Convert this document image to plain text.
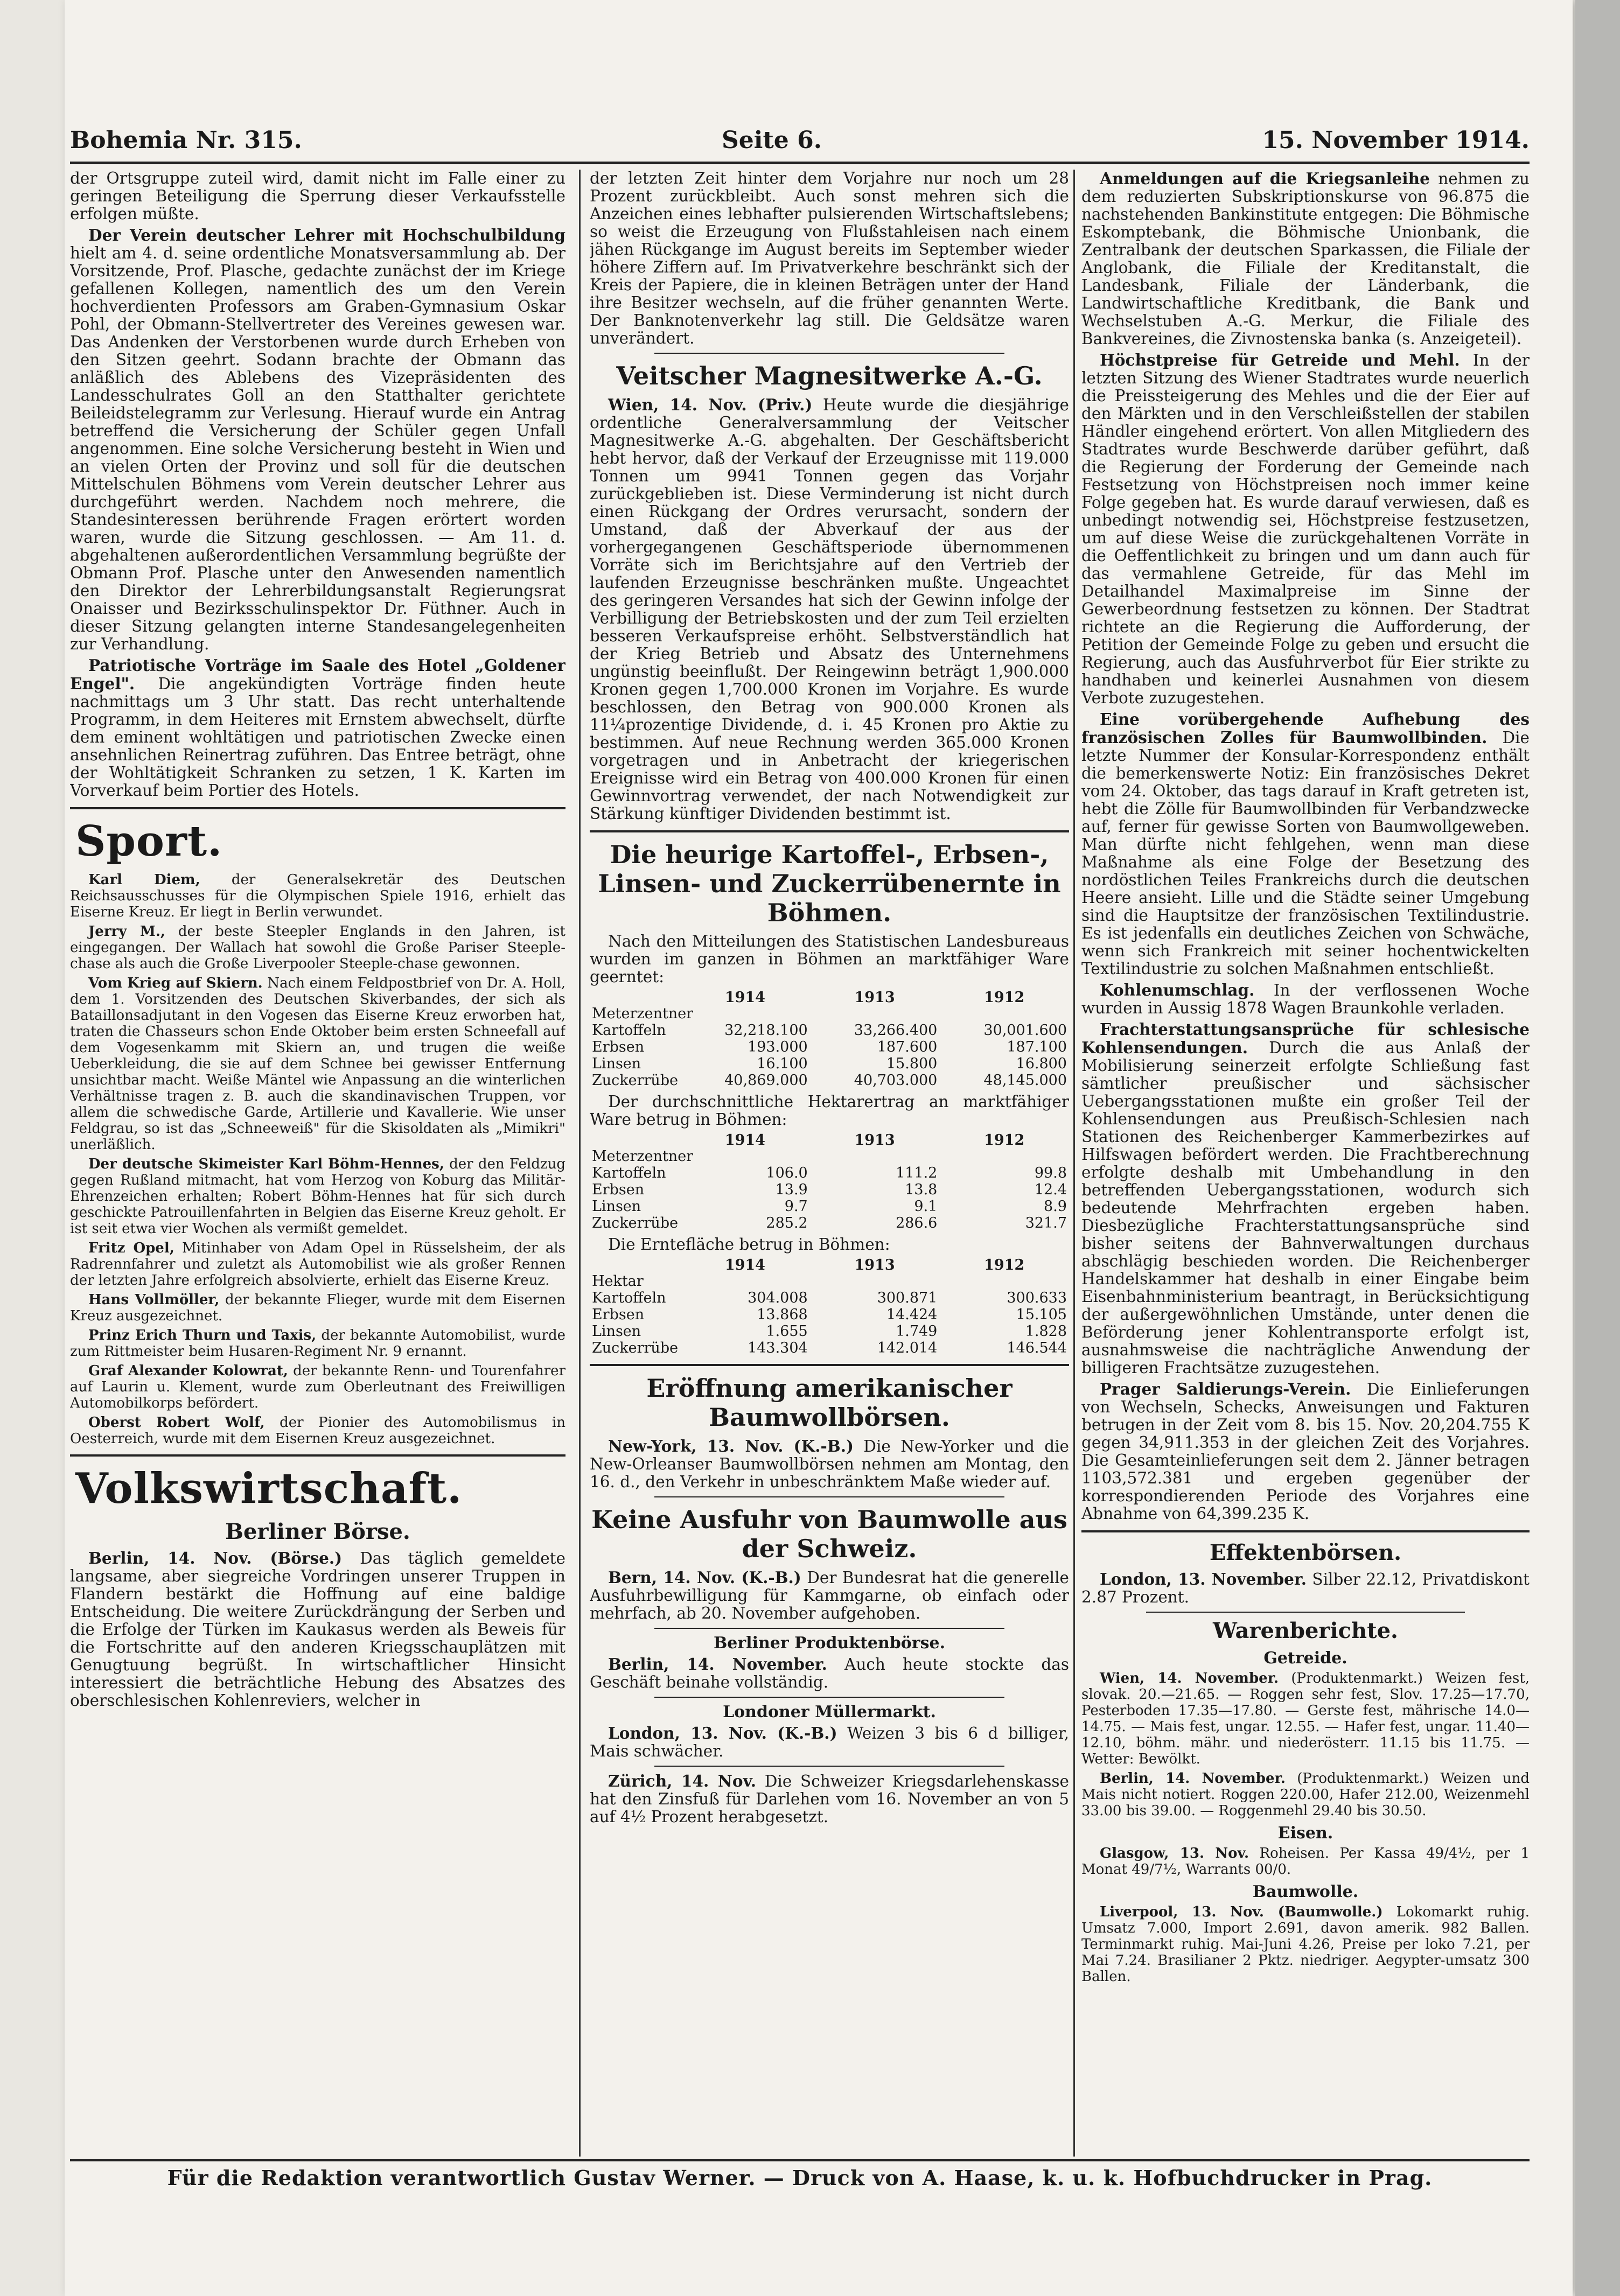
Bohemia Nr. 315.	Seite 6.	15. November 1914.

der Ortsgruppe zuteil wird, damit nicht im Falle einer zu geringen Beteiligung die Sperrung dieser Verkaufsstelle erfolgen müßte.

Der Verein deutscher Lehrer mit Hochschulbildung hielt am 4. d. seine ordentliche Monatsversammlung ab. Der Vorsitzende, Prof. Plasche, gedachte zunächst der im Kriege gefallenen Kollegen, namentlich des um den Verein hochverdienten Professors am Graben-Gymnasium Oskar Pohl, der Obmann-Stellvertreter des Vereines gewesen war. Das Andenken der Verstorbenen wurde durch Erheben von den Sitzen geehrt. Sodann brachte der Obmann das anläßlich des Ablebens des Vizepräsidenten des Landesschulrates Goll an den Statthalter gerichtete Beileidstelegramm zur Verlesung. Hierauf wurde ein Antrag betreffend die Versicherung der Schüler gegen Unfall angenommen. Eine solche Versicherung besteht in Wien und an vielen Orten der Provinz und soll für die deutschen Mittelschulen Böhmens vom Verein deutscher Lehrer aus durchgeführt werden. Nachdem noch mehrere, die Standesinteressen berührende Fragen erörtert worden waren, wurde die Sitzung geschlossen. — Am 11. d. abgehaltenen außerordentlichen Versammlung begrüßte der Obmann Prof. Plasche unter den Anwesenden namentlich den Direktor der Lehrerbildungsanstalt Regierungsrat Onaisser und Bezirksschulinspektor Dr. Füthner. Auch in dieser Sitzung gelangten interne Standesangelegenheiten zur Verhandlung.

Patriotische Vorträge im Saale des Hotel „Goldener Engel". Die angekündigten Vorträge finden heute nachmittags um 3 Uhr statt. Das recht unterhaltende Programm, in dem Heiteres mit Ernstem abwechselt, dürfte dem eminent wohltätigen und patriotischen Zwecke einen ansehnlichen Reinertrag zuführen. Das Entree beträgt, ohne der Wohltätigkeit Schranken zu setzen, 1 K. Karten im Vorverkauf beim Portier des Hotels.

Sport.

Karl Diem, der Generalsekretär des Deutschen Reichsausschusses für die Olympischen Spiele 1916, erhielt das Eiserne Kreuz. Er liegt in Berlin verwundet.

Jerry M., der beste Steepler Englands in den Jahren, ist eingegangen. Der Wallach hat sowohl die Große Pariser Steeple-chase als auch die Große Liverpooler Steeple-chase gewonnen.

Vom Krieg auf Skiern. Nach einem Feldpostbrief von Dr. A. Holl, dem 1. Vorsitzenden des Deutschen Skiverbandes, der sich als Bataillonsadjutant in den Vogesen das Eiserne Kreuz erworben hat, traten die Chasseurs schon Ende Oktober beim ersten Schneefall auf dem Vogesenkamm mit Skiern an, und trugen die weiße Ueberkleidung, die sie auf dem Schnee bei gewisser Entfernung unsichtbar macht. Weiße Mäntel wie Anpassung an die winterlichen Verhältnisse tragen z. B. auch die skandinavischen Truppen, vor allem die schwedische Garde, Artillerie und Kavallerie. Wie unser Feldgrau, so ist das „Schneeweiß" für die Skisoldaten als „Mimikri" unerläßlich.

Der deutsche Skimeister Karl Böhm-Hennes, der den Feldzug gegen Rußland mitmacht, hat vom Herzog von Koburg das Militär-Ehrenzeichen erhalten; Robert Böhm-Hennes hat für sich durch geschickte Patrouillenfahrten in Belgien das Eiserne Kreuz geholt. Er ist seit etwa vier Wochen als vermißt gemeldet.

Fritz Opel, Mitinhaber von Adam Opel in Rüsselsheim, der als Radrennfahrer und zuletzt als Automobilist wie als großer Rennen der letzten Jahre erfolgreich absolvierte, erhielt das Eiserne Kreuz.

Hans Vollmöller, der bekannte Flieger, wurde mit dem Eisernen Kreuz ausgezeichnet.

Prinz Erich Thurn und Taxis, der bekannte Automobilist, wurde zum Rittmeister beim Husaren-Regiment Nr. 9 ernannt.

Graf Alexander Kolowrat, der bekannte Renn- und Tourenfahrer auf Laurin u. Klement, wurde zum Oberleutnant des Freiwilligen Automobilkorps befördert.

Oberst Robert Wolf, der Pionier des Automobilismus in Oesterreich, wurde mit dem Eisernen Kreuz ausgezeichnet.

Volkswirtschaft.
Berliner Börse.

Berlin, 14. Nov. (Börse.) Das täglich gemeldete langsame, aber siegreiche Vordringen unserer Truppen in Flandern bestärkt die Hoffnung auf eine baldige Entscheidung. Die weitere Zurückdrängung der Serben und die Erfolge der Türken im Kaukasus werden als Beweis für die Fortschritte auf den anderen Kriegsschauplätzen mit Genugtuung begrüßt. In wirtschaftlicher Hinsicht interessiert die beträchtliche Hebung des Absatzes des oberschlesischen Kohlenreviers, welcher in

der letzten Zeit hinter dem Vorjahre nur noch um 28 Prozent zurückbleibt. Auch sonst mehren sich die Anzeichen eines lebhafter pulsierenden Wirtschaftslebens; so weist die Erzeugung von Flußstahleisen nach einem jähen Rückgange im August bereits im September wieder höhere Ziffern auf. Im Privatverkehre beschränkt sich der Kreis der Papiere, die in kleinen Beträgen unter der Hand ihre Besitzer wechseln, auf die früher genannten Werte. Der Banknotenverkehr lag still. Die Geldsätze waren unverändert.

Veitscher Magnesitwerke A.-G.

Wien, 14. Nov. (Priv.) Heute wurde die diesjährige ordentliche Generalversammlung der Veitscher Magnesitwerke A.-G. abgehalten. Der Geschäftsbericht hebt hervor, daß der Verkauf der Erzeugnisse mit 119.000 Tonnen um 9941 Tonnen gegen das Vorjahr zurückgeblieben ist. Diese Verminderung ist nicht durch einen Rückgang der Ordres verursacht, sondern der Umstand, daß der Abverkauf der aus der vorhergegangenen Geschäftsperiode übernommenen Vorräte sich im Berichtsjahre auf den Vertrieb der laufenden Erzeugnisse beschränken mußte. Ungeachtet des geringeren Versandes hat sich der Gewinn infolge der Verbilligung der Betriebskosten und der zum Teil erzielten besseren Verkaufspreise erhöht. Selbstverständlich hat der Krieg Betrieb und Absatz des Unternehmens ungünstig beeinflußt. Der Reingewinn beträgt 1,900.000 Kronen gegen 1,700.000 Kronen im Vorjahre. Es wurde beschlossen, den Betrag von 900.000 Kronen als 11¼prozentige Dividende, d. i. 45 Kronen pro Aktie zu bestimmen. Auf neue Rechnung werden 365.000 Kronen vorgetragen und in Anbetracht der kriegerischen Ereignisse wird ein Betrag von 400.000 Kronen für einen Gewinnvortrag verwendet, der nach Notwendigkeit zur Stärkung künftiger Dividenden bestimmt ist.

Die heurige Kartoffel-, Erbsen-, Linsen- und Zuckerrübenernte in Böhmen.

Nach den Mitteilungen des Statistischen Landesbureaus wurden im ganzen in Böhmen an marktfähiger Ware geerntet:

	1914	1913	1912
Meterzentner			
Kartoffeln	32,218.100	33,266.400	30,001.600
Erbsen	193.000	187.600	187.100
Linsen	16.100	15.800	16.800
Zuckerrübe	40,869.000	40,703.000	48,145.000

Der durchschnittliche Hektarertrag an marktfähiger Ware betrug in Böhmen:

	1914	1913	1912
Meterzentner			
Kartoffeln	106.0	111.2	99.8
Erbsen	13.9	13.8	12.4
Linsen	9.7	9.1	8.9
Zuckerrübe	285.2	286.6	321.7

Die Erntefläche betrug in Böhmen:

	1914	1913	1912
Hektar			
Kartoffeln	304.008	300.871	300.633
Erbsen	13.868	14.424	15.105
Linsen	1.655	1.749	1.828
Zuckerrübe	143.304	142.014	146.544
Eröffnung amerikanischer Baumwollbörsen.

New-York, 13. Nov. (K.-B.) Die New-Yorker und die New-Orleanser Baumwollbörsen nehmen am Montag, den 16. d., den Verkehr in unbeschränktem Maße wieder auf.

Keine Ausfuhr von Baumwolle aus der Schweiz.

Bern, 14. Nov. (K.-B.) Der Bundesrat hat die generelle Ausfuhrbewilligung für Kammgarne, ob einfach oder mehrfach, ab 20. November aufgehoben.

Berliner Produktenbörse.

Berlin, 14. November. Auch heute stockte das Geschäft beinahe vollständig.

Londoner Müllermarkt.

London, 13. Nov. (K.-B.) Weizen 3 bis 6 d billiger, Mais schwächer.

Zürich, 14. Nov. Die Schweizer Kriegsdarlehenskasse hat den Zinsfuß für Darlehen vom 16. November an von 5 auf 4½ Prozent herabgesetzt.

Anmeldungen auf die Kriegsanleihe nehmen zu dem reduzierten Subskriptionskurse von 96.875 die nachstehenden Bankinstitute entgegen: Die Böhmische Eskomptebank, die Böhmische Unionbank, die Zentralbank der deutschen Sparkassen, die Filiale der Anglobank, die Filiale der Kreditanstalt, die Landesbank, Filiale der Länderbank, die Landwirtschaftliche Kreditbank, die Bank und Wechselstuben A.-G. Merkur, die Filiale des Bankvereines, die Zivnostenska banka (s. Anzeigeteil).

Höchstpreise für Getreide und Mehl. In der letzten Sitzung des Wiener Stadtrates wurde neuerlich die Preissteigerung des Mehles und die der Eier auf den Märkten und in den Verschleißstellen der stabilen Händler eingehend erörtert. Von allen Mitgliedern des Stadtrates wurde Beschwerde darüber geführt, daß die Regierung der Forderung der Gemeinde nach Festsetzung von Höchstpreisen noch immer keine Folge gegeben hat. Es wurde darauf verwiesen, daß es unbedingt notwendig sei, Höchstpreise festzusetzen, um auf diese Weise die zurückgehaltenen Vorräte in die Oeffentlichkeit zu bringen und um dann auch für das vermahlene Getreide, für das Mehl im Detailhandel Maximalpreise im Sinne der Gewerbeordnung festsetzen zu können. Der Stadtrat richtete an die Regierung die Aufforderung, der Petition der Gemeinde Folge zu geben und ersucht die Regierung, auch das Ausfuhrverbot für Eier strikte zu handhaben und keinerlei Ausnahmen von diesem Verbote zuzugestehen.

Eine vorübergehende Aufhebung des französischen Zolles für Baumwollbinden. Die letzte Nummer der Konsular-Korrespondenz enthält die bemerkenswerte Notiz: Ein französisches Dekret vom 24. Oktober, das tags darauf in Kraft getreten ist, hebt die Zölle für Baumwollbinden für Verbandzwecke auf, ferner für gewisse Sorten von Baumwollgeweben. Man dürfte nicht fehlgehen, wenn man diese Maßnahme als eine Folge der Besetzung des nordöstlichen Teiles Frankreichs durch die deutschen Heere ansieht. Lille und die Städte seiner Umgebung sind die Hauptsitze der französischen Textilindustrie. Es ist jedenfalls ein deutliches Zeichen von Schwäche, wenn sich Frankreich mit seiner hochentwickelten Textilindustrie zu solchen Maßnahmen entschließt.

Kohlenumschlag. In der verflossenen Woche wurden in Aussig 1878 Wagen Braunkohle verladen.

Frachterstattungsansprüche für schlesische Kohlensendungen. Durch die aus Anlaß der Mobilisierung seinerzeit erfolgte Schließung fast sämtlicher preußischer und sächsischer Uebergangsstationen mußte ein großer Teil der Kohlensendungen aus Preußisch-Schlesien nach Stationen des Reichenberger Kammerbezirkes auf Hilfswagen befördert werden. Die Frachtberechnung erfolgte deshalb mit Umbehandlung in den betreffenden Uebergangsstationen, wodurch sich bedeutende Mehrfrachten ergeben haben. Diesbezügliche Frachterstattungsansprüche sind bisher seitens der Bahnverwaltungen durchaus abschlägig beschieden worden. Die Reichenberger Handelskammer hat deshalb in einer Eingabe beim Eisenbahnministerium beantragt, in Berücksichtigung der außergewöhnlichen Umstände, unter denen die Beförderung jener Kohlentransporte erfolgt ist, ausnahmsweise die nachträgliche Anwendung der billigeren Frachtsätze zuzugestehen.

Prager Saldierungs-Verein. Die Einlieferungen von Wechseln, Schecks, Anweisungen und Fakturen betrugen in der Zeit vom 8. bis 15. Nov. 20,204.755 K gegen 34,911.353 in der gleichen Zeit des Vorjahres. Die Gesamteinlieferungen seit dem 2. Jänner betragen 1103,572.381 und ergeben gegenüber der korrespondierenden Periode des Vorjahres eine Abnahme von 64,399.235 K.

Effektenbörsen.

London, 13. November. Silber 22.12, Privatdiskont 2.87 Prozent.

Warenberichte.
Getreide.

Wien, 14. November. (Produktenmarkt.) Weizen fest, slovak. 20.—21.65. — Roggen sehr fest, Slov. 17.25—17.70, Pesterboden 17.35—17.80. — Gerste fest, mährische 14.0—14.75. — Mais fest, ungar. 12.55. — Hafer fest, ungar. 11.40—12.10, böhm. mähr. und niederösterr. 11.15 bis 11.75. — Wetter: Bewölkt.

Berlin, 14. November. (Produktenmarkt.) Weizen und Mais nicht notiert. Roggen 220.00, Hafer 212.00, Weizenmehl 33.00 bis 39.00. — Roggenmehl 29.40 bis 30.50.

Eisen.

Glasgow, 13. Nov. Roheisen. Per Kassa 49/4½, per 1 Monat 49/7½, Warrants 00/0.

Baumwolle.

Liverpool, 13. Nov. (Baumwolle.) Lokomarkt ruhig. Umsatz 7.000, Import 2.691, davon amerik. 982 Ballen. Terminmarkt ruhig. Mai-Juni 4.26, Preise per loko 7.21, per Mai 7.24. Brasilianer 2 Pktz. niedriger. Aegypter-umsatz 300 Ballen.

Für die Redaktion verantwortlich Gustav Werner. — Druck von A. Haase, k. u. k. Hofbuchdrucker in Prag.
